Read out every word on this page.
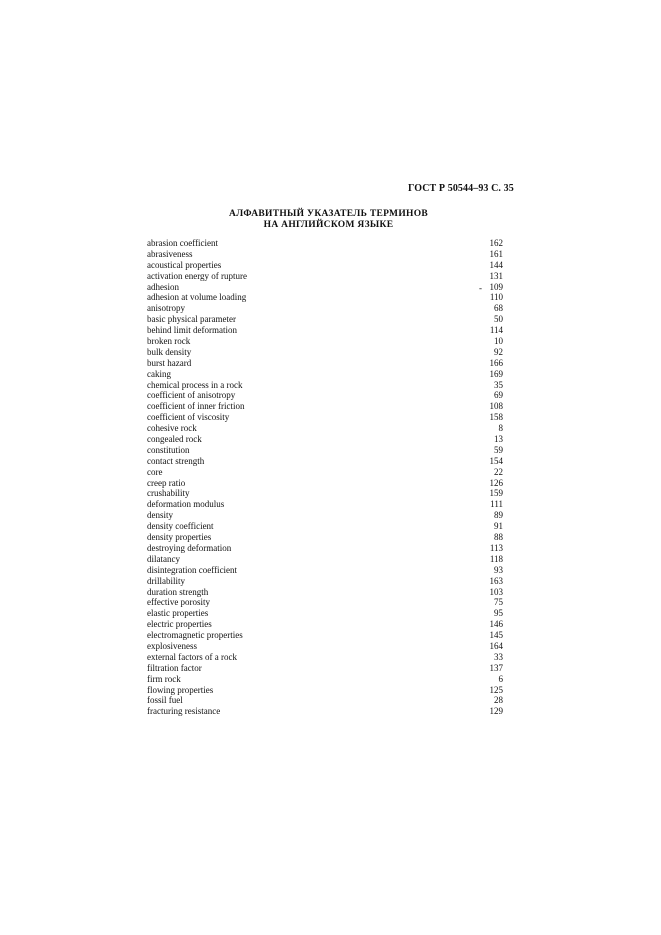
ГОСТ Р 50544–93 С. 35
АЛФАВИТНЫЙ УКАЗАТЕЛЬ ТЕРМИНОВ
НА АНГЛИЙСКОМ ЯЗЫКЕ
abrasion coefficient	162
abrasiveness	161
acoustical properties	144
activation energy of rupture	131
adhesion	- 109
adhesion at volume loading	110
anisotropy	68
basic physical parameter	50
behind limit deformation	114
broken rock	10
bulk density	92
burst hazard	166
caking	169
chemical process in a rock	35
coefficient of anisotropy	69
coefficient of inner friction	108
coefficient of viscosity	158
cohesive rock	8
congealed rock	13
constitution	59
contact strength	154
core	22
creep ratio	126
crushability	159
deformation modulus	111
density	89
density coefficient	91
density properties	88
destroying deformation	113
dilatancy	118
disintegration coefficient	93
drillability	163
duration strength	103
effective porosity	75
elastic properties	95
electric properties	146
electromagnetic properties	145
explosiveness	164
external factors of a rock	33
filtration factor	137
firm rock	6
flowing properties	125
fossil fuel	28
fracturing resistance	129
